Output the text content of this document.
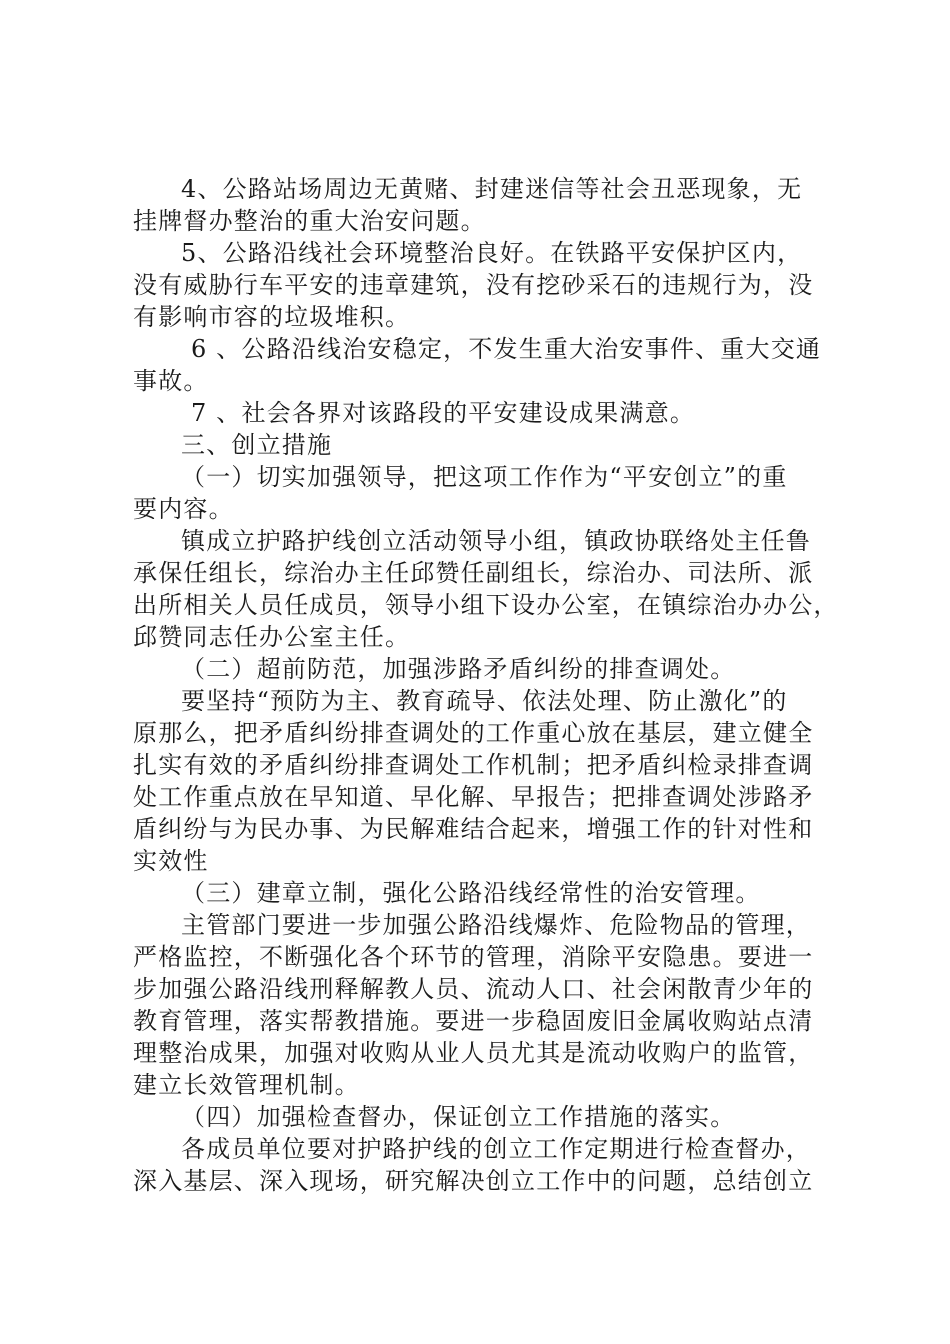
4、公路站场周边无黄赌、封建迷信等社会丑恶现象，无
挂牌督办整治的重大治安问题。
5、公路沿线社会环境整治良好。在铁路平安保护区内，
没有威胁行车平安的违章建筑，没有挖砂采石的违规行为，没
有影响市容的垃圾堆积。
6 、公路沿线治安稳定，不发生重大治安事件、重大交通
事故。
7 、社会各界对该路段的平安建设成果满意。
三、创立措施
（一）切实加强领导，把这项工作作为“平安创立”的重
要内容。
镇成立护路护线创立活动领导小组，镇政协联络处主任鲁
承保任组长，综治办主任邱赞任副组长，综治办、司法所、派
出所相关人员任成员，领导小组下设办公室，在镇综治办办公，
邱赞同志任办公室主任。
（二）超前防范，加强涉路矛盾纠纷的排查调处。
要坚持“预防为主、教育疏导、依法处理、防止激化”的
原那么，把矛盾纠纷排查调处的工作重心放在基层，建立健全
扎实有效的矛盾纠纷排查调处工作机制；把矛盾纠检录排查调
处工作重点放在早知道、早化解、早报告；把排查调处涉路矛
盾纠纷与为民办事、为民解难结合起来，增强工作的针对性和
实效性
（三）建章立制，强化公路沿线经常性的治安管理。
主管部门要进一步加强公路沿线爆炸、危险物品的管理，
严格监控，不断强化各个环节的管理，消除平安隐患。要进一
步加强公路沿线刑释解教人员、流动人口、社会闲散青少年的
教育管理，落实帮教措施。要进一步稳固废旧金属收购站点清
理整治成果，加强对收购从业人员尤其是流动收购户的监管，
建立长效管理机制。
（四）加强检查督办，保证创立工作措施的落实。
各成员单位要对护路护线的创立工作定期进行检查督办，
深入基层、深入现场，研究解决创立工作中的问题，总结创立
